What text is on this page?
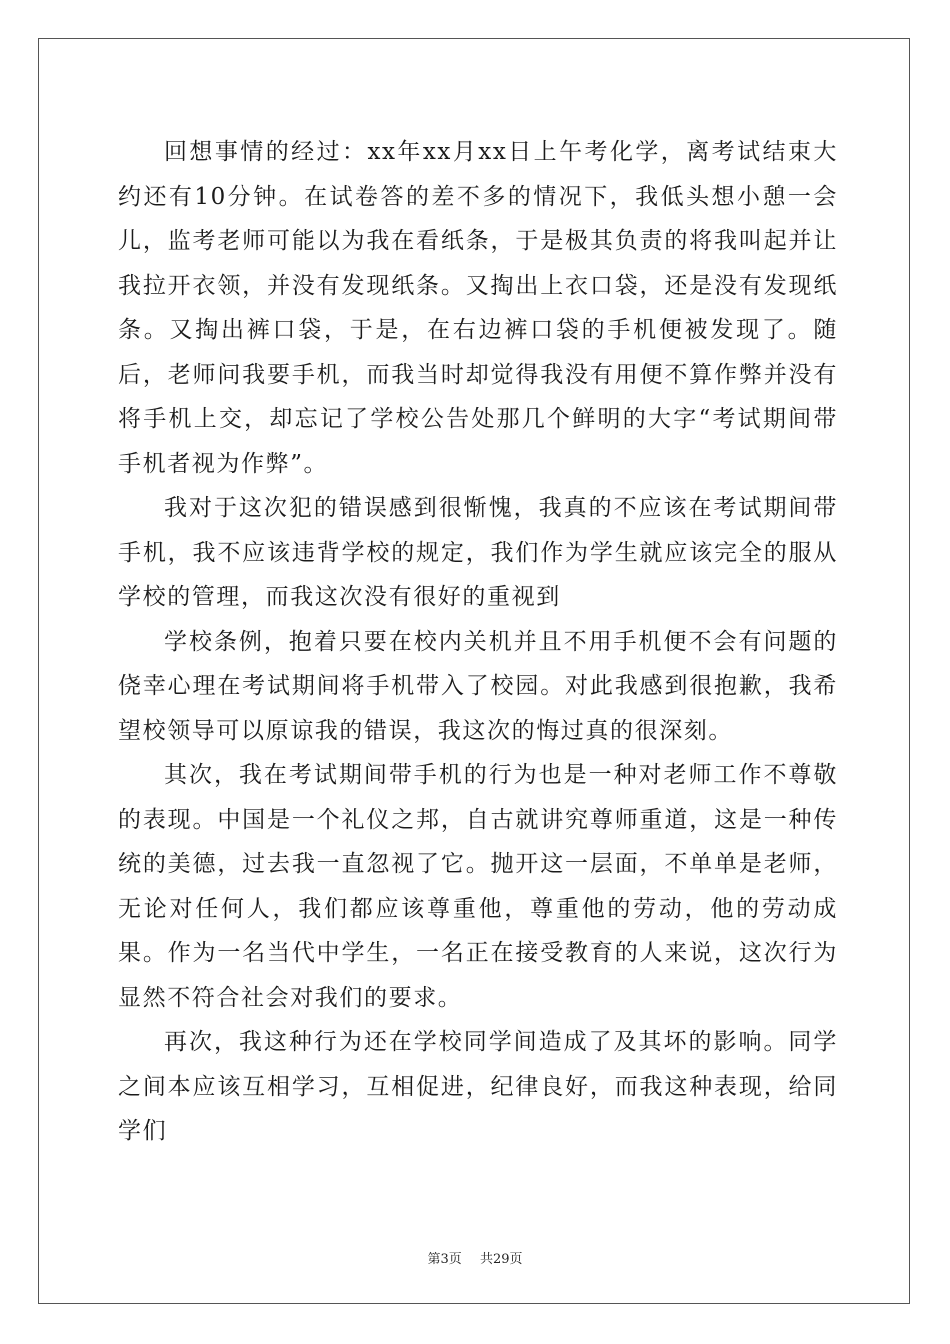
回想事情的经过：xx年xx月xx日上午考化学，离考试结束大约还有10分钟。在试卷答的差不多的情况下，我低头想小憩一会儿，监考老师可能以为我在看纸条，于是极其负责的将我叫起并让我拉开衣领，并没有发现纸条。又掏出上衣口袋，还是没有发现纸条。又掏出裤口袋，于是，在右边裤口袋的手机便被发现了。随后，老师问我要手机，而我当时却觉得我没有用便不算作弊并没有将手机上交，却忘记了学校公告处那几个鲜明的大字“考试期间带手机者视为作弊”。

我对于这次犯的错误感到很惭愧，我真的不应该在考试期间带手机，我不应该违背学校的规定，我们作为学生就应该完全的服从学校的管理，而我这次没有很好的重视到

学校条例，抱着只要在校内关机并且不用手机便不会有问题的侥幸心理在考试期间将手机带入了校园。对此我感到很抱歉，我希望校领导可以原谅我的错误，我这次的悔过真的很深刻。

其次，我在考试期间带手机的行为也是一种对老师工作不尊敬的表现。中国是一个礼仪之邦，自古就讲究尊师重道，这是一种传统的美德，过去我一直忽视了它。抛开这一层面，不单单是老师，无论对任何人，我们都应该尊重他，尊重他的劳动，他的劳动成果。作为一名当代中学生，一名正在接受教育的人来说，这次行为显然不符合社会对我们的要求。

再次，我这种行为还在学校同学间造成了及其坏的影响。同学之间本应该互相学习，互相促进，纪律良好，而我这种表现，给同学们

第3页 共29页
